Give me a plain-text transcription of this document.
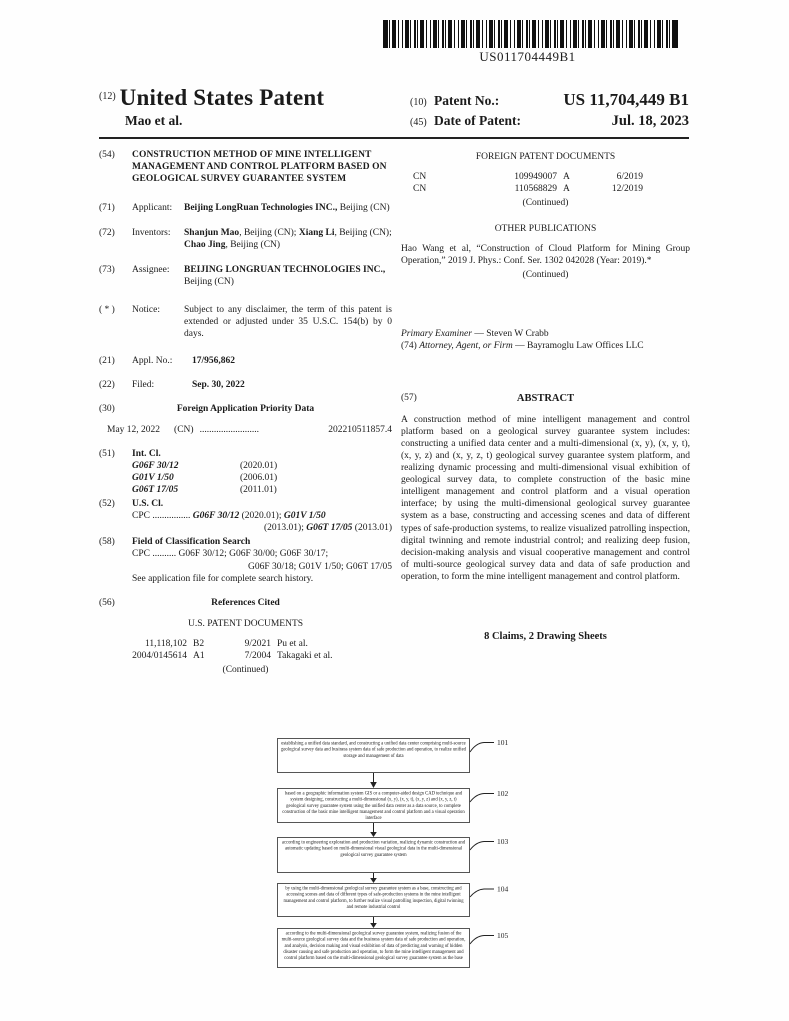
US011704449B1
$^{(12)}$ United States Patent
Mao et al.
(10) Patent No.:	US 11,704,449 B1
(45) Date of Patent:	Jul. 18, 2023
(54)	CONSTRUCTION METHOD OF MINE INTELLIGENT MANAGEMENT AND CONTROL PLATFORM BASED ON GEOLOGICAL SURVEY GUARANTEE SYSTEM
(71)	Applicant:	Beijing LongRuan Technologies INC., Beijing (CN)
(72)	Inventors:	Shanjun Mao, Beijing (CN); Xiang Li, Beijing (CN); Chao Jing, Beijing (CN)
(73)	Assignee:	BEIJING LONGRUAN TECHNOLOGIES INC., Beijing (CN)
( * )	Notice:	Subject to any disclaimer, the term of this patent is extended or adjusted under 35 U.S.C. 154(b) by 0 days.
(21)	Appl. No.:	17/956,862
(22)	Filed:	Sep. 30, 2022
(30)	Foreign Application Priority Data
May 12, 2022 (CN) .........................	202210511857.4
(51)	Int. Cl.
G06F 30/12	(2020.01)
G01V 1/50	(2006.01)
G06T 17/05	(2011.01)
(52)	U.S. Cl.
CPC ................ G06F 30/12 (2020.01); G01V 1/50
(2013.01); G06T 17/05 (2013.01)
(58)	Field of Classification Search
CPC .......... G06F 30/12; G06F 30/00; G06F 30/17;
G06F 30/18; G01V 1/50; G06T 17/05
See application file for complete search history.
(56)	References Cited
U.S. PATENT DOCUMENTS
11,118,102 B2	9/2021 Pu et al.
2004/0145614 A1	7/2004 Takagaki et al.
(Continued)
FOREIGN PATENT DOCUMENTS
CN	109949007 A	6/2019
CN	110568829 A	12/2019
(Continued)
OTHER PUBLICATIONS
Hao Wang et al, “Construction of Cloud Platform for Mining Group Operation,” 2019 J. Phys.: Conf. Ser. 1302 042028 (Year: 2019).*
(Continued)
Primary Examiner — Steven W Crabb
(74) Attorney, Agent, or Firm — Bayramoglu Law Offices LLC
(57)	ABSTRACT
A construction method of mine intelligent management and control platform based on a geological survey guarantee system includes: constructing a unified data center and a multi-dimensional (x, y), (x, y, t), (x, y, z) and (x, y, z, t) geological survey guarantee system platform, and realizing dynamic processing and multi-dimensional visual exhibition of geological survey data, to complete construction of the basic mine intelligent management and control platform and a visual operation interface; by using the multi-dimensional geological survey guarantee system as a base, constructing and accessing scenes and data of different types of safe-production systems, to realize visualized patrolling inspection, digital twinning and remote industrial control; and realizing deep fusion, decision-making analysis and visual cooperative management and control of multi-source geological survey data and data of safe production and operation, to form the mine intelligent management and control platform.
8 Claims, 2 Drawing Sheets
establishing a unified data standard, and constructing a unified data center comprising multi-source geological survey data and business system data of safe production and operation, to realize unified storage and management of data
based on a geographic information system GIS or a computer-aided design CAD technique and system designing, constructing a multi-dimensional (x, y), (x, y, t), (x, y, z) and (x, y, z, t) geological survey guarantee system using the unified data center as a data source, to complete construction of the basic mine intelligent management and control platform and a visual operation interface
according to engineering exploration and production variation, realizing dynamic construction and automatic updating based on multi-dimensional visual geological data in the multi-dimensional geological survey guarantee system
by using the multi-dimensional geological survey guarantee system as a base, constructing and accessing scenes and data of different types of safe-production systems in the mine intelligent management and control platform, to further realize visual patrolling inspection, digital twinning and remote industrial control
according to the multi-dimensional geological survey guarantee system, realizing fusion of the multi-source geological survey data and the business system data of safe production and operation, and analysis, decision making and visual exhibition of data of predicting and warning of hidden disaster causing and safe production and operation, to form the mine intelligent management and control platform based on the multi-dimensional geological survey guarantee system as the base
101
102
103
104
105
